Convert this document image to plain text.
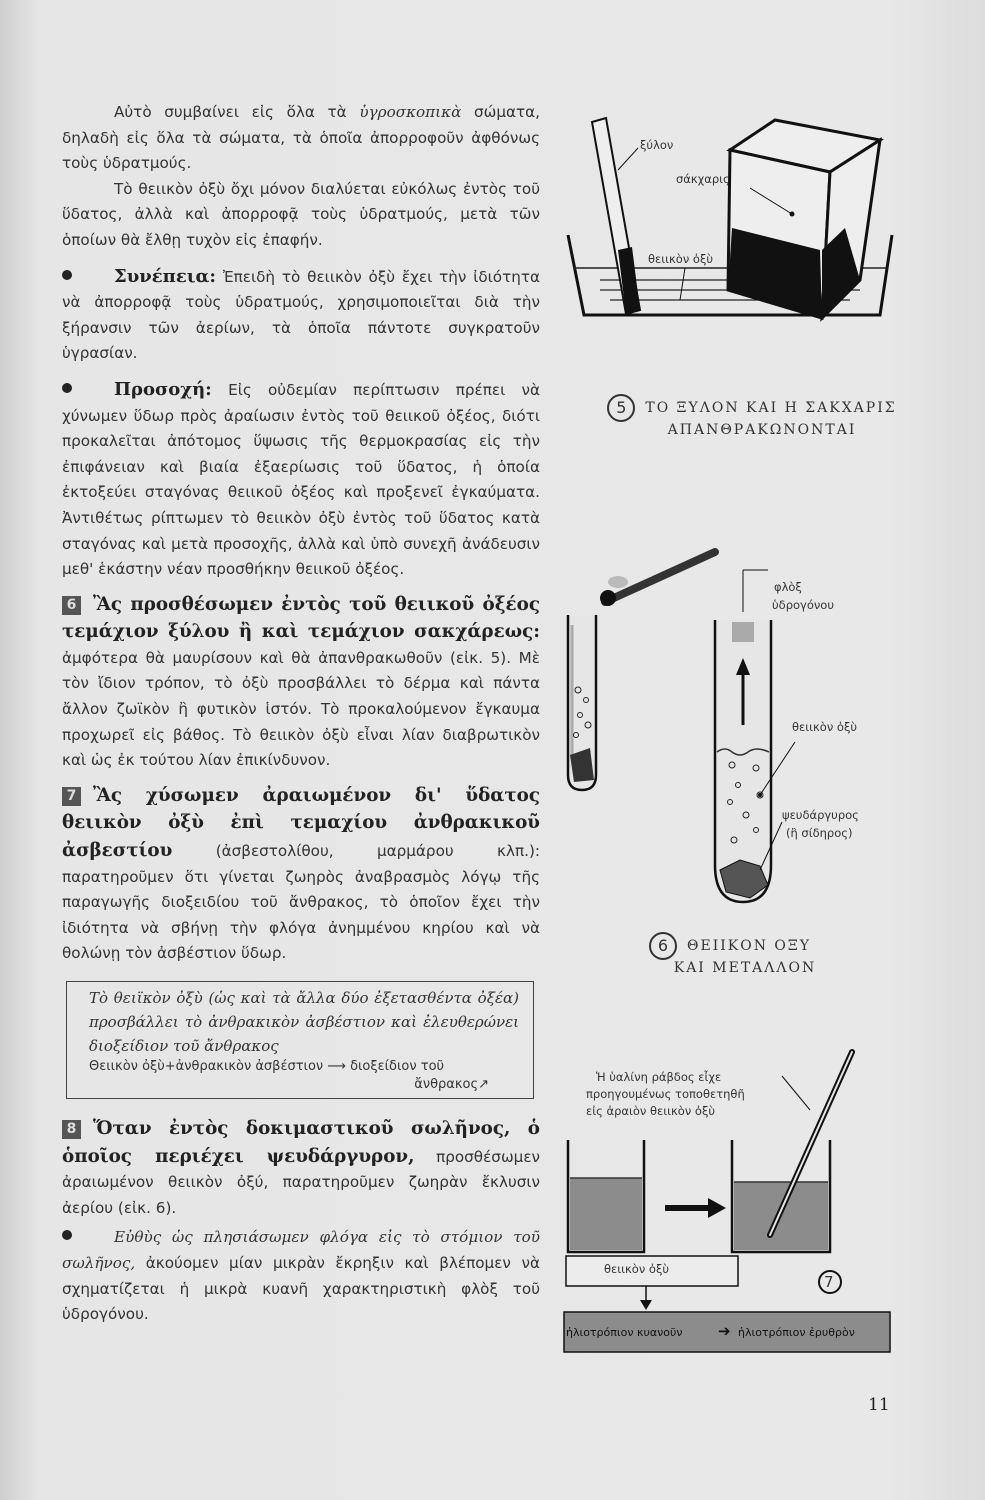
Αὐτὸ συμβαίνει εἰς ὅλα τὰ ὑγροσκοπικὰ σώματα, δηλαδὴ εἰς ὅλα τὰ σώματα, τὰ ὁποῖα ἀπορροφοῦν ἀφθόνως τοὺς ὑδρατμούς.

Τὸ θειικὸν ὀξὺ ὄχι μόνον διαλύεται εὐκόλως ἐντὸς τοῦ ὕδατος, ἀλλὰ καὶ ἀπορροφᾷ τοὺς ὑδρατμούς, μετὰ τῶν ὁποίων θὰ ἔλθῃ τυχὸν εἰς ἐπαφήν.

Συνέπεια: Ἐπειδὴ τὸ θειικὸν ὀξὺ ἔχει τὴν ἰδιότητα νὰ ἀπορροφᾷ τοὺς ὑδρατμούς, χρησιμοποιεῖται διὰ τὴν ξήρανσιν τῶν ἀερίων, τὰ ὁποῖα πάντοτε συγκρατοῦν ὑγρασίαν.

Προσοχή: Εἰς οὐδεμίαν περίπτωσιν πρέπει νὰ χύνωμεν ὕδωρ πρὸς ἀραίωσιν ἐντὸς τοῦ θειικοῦ ὀξέος, διότι προκαλεῖται ἀπότομος ὕψωσις τῆς θερμοκρασίας εἰς τὴν ἐπιφάνειαν καὶ βιαία ἐξαερίωσις τοῦ ὕδατος, ἡ ὁποία ἐκτοξεύει σταγόνας θειικοῦ ὀξέος καὶ προξενεῖ ἐγκαύματα. Ἀντιθέτως ρίπτωμεν τὸ θειικὸν ὀξὺ ἐντὸς τοῦ ὕδατος κατὰ σταγόνας καὶ μετὰ προσοχῆς, ἀλλὰ καὶ ὑπὸ συνεχῆ ἀνάδευσιν μεθ' ἑκάστην νέαν προσθήκην θειικοῦ ὀξέος.

6 Ἂς προσθέσωμεν ἐντὸς τοῦ θειικοῦ ὀξέος τεμάχιον ξύλου ἢ καὶ τεμάχιον σακχάρεως: ἀμφότερα θὰ μαυρίσουν καὶ θὰ ἀπανθρακωθοῦν (εἰκ. 5). Μὲ τὸν ἴδιον τρόπον, τὸ ὀξὺ προσβάλλει τὸ δέρμα καὶ πάντα ἄλλον ζωϊκὸν ἢ φυτικὸν ἱστόν. Τὸ προκαλούμενον ἔγκαυμα προχωρεῖ εἰς βάθος. Τὸ θειικὸν ὀξὺ εἶναι λίαν διαβρωτικὸν καὶ ὡς ἐκ τούτου λίαν ἐπικίνδυνον.

7 Ἂς χύσωμεν ἀραιωμένον δι' ὕδατος θειικὸν ὀξὺ ἐπὶ τεμαχίου ἀνθρακικοῦ ἀσβεστίου	(ἀσβεστολίθου, μαρμάρου κλπ.): παρατηροῦμεν ὅτι γίνεται ζωηρὸς ἀναβρασμὸς λόγῳ τῆς παραγωγῆς διοξειδίου τοῦ ἄνθρακος, τὸ ὁποῖον ἔχει τὴν ἰδιότητα νὰ σβήνῃ τὴν φλόγα ἀνημμένου κηρίου καὶ νὰ θολώνῃ τὸν ἀσβέστιον ὕδωρ.

Τὸ θειϊκὸν ὀξὺ (ὡς καὶ τὰ ἄλλα δύο ἐξετασθέντα ὀξέα) προσβάλλει τὸ ἀνθρακικὸν ἀσβέστιον καὶ ἐλευθερώνει διοξείδιον τοῦ ἄνθρακος
Θειικὸν ὀξὺ+ἀνθρακικὸν ἀσβέστιον ⟶ διοξείδιον τοῦ
ἄνθρακος↗

8 Ὅταν ἐντὸς δοκιμαστικοῦ σωλῆνος, ὁ ὁποῖος περιέχει ψευδάργυρον, προσθέσωμεν ἀραιωμένον θειικὸν ὀξύ, παρατηροῦμεν ζωηρὰν ἔκλυσιν ἀερίου (εἰκ. 6).

Εὐθὺς ὡς πλησιάσωμεν φλόγα εἰς τὸ στόμιον τοῦ σωλῆνος, ἀκούομεν μίαν μικρὰν ἔκρηξιν καὶ βλέπομεν νὰ σχηματίζεται ἡ μικρὰ κυανῆ χαρακτηριστικὴ φλὸξ τοῦ ὑδρογόνου.

ξύλον
σάκχαρις
θειικὸν ὀξὺ
5 ΤΟ ΞΥΛΟΝ ΚΑΙ Η ΣΑΚΧΑΡΙΣ
ΑΠΑΝΘΡΑΚΩΝΟΝΤΑΙ
φλὸξ
ὑδρογόνου
θειικὸν ὀξὺ
ψευδάργυρος
(ἢ σίδηρος)
6 ΘΕΙΙΚΟΝ ΟΞΥ
ΚΑΙ ΜΕΤΑΛΛΟΝ
Ἡ ὑαλίνη ράβδος εἶχε
προηγουμένως τοποθετηθῆ
εἰς ἀραιὸν θειικὸν ὀξὺ
θειικὸν ὀξὺ
7
ἡλιοτρόπιον κυανοῦν ➔ ἡλιοτρόπιον ἐρυθρὸν
11
